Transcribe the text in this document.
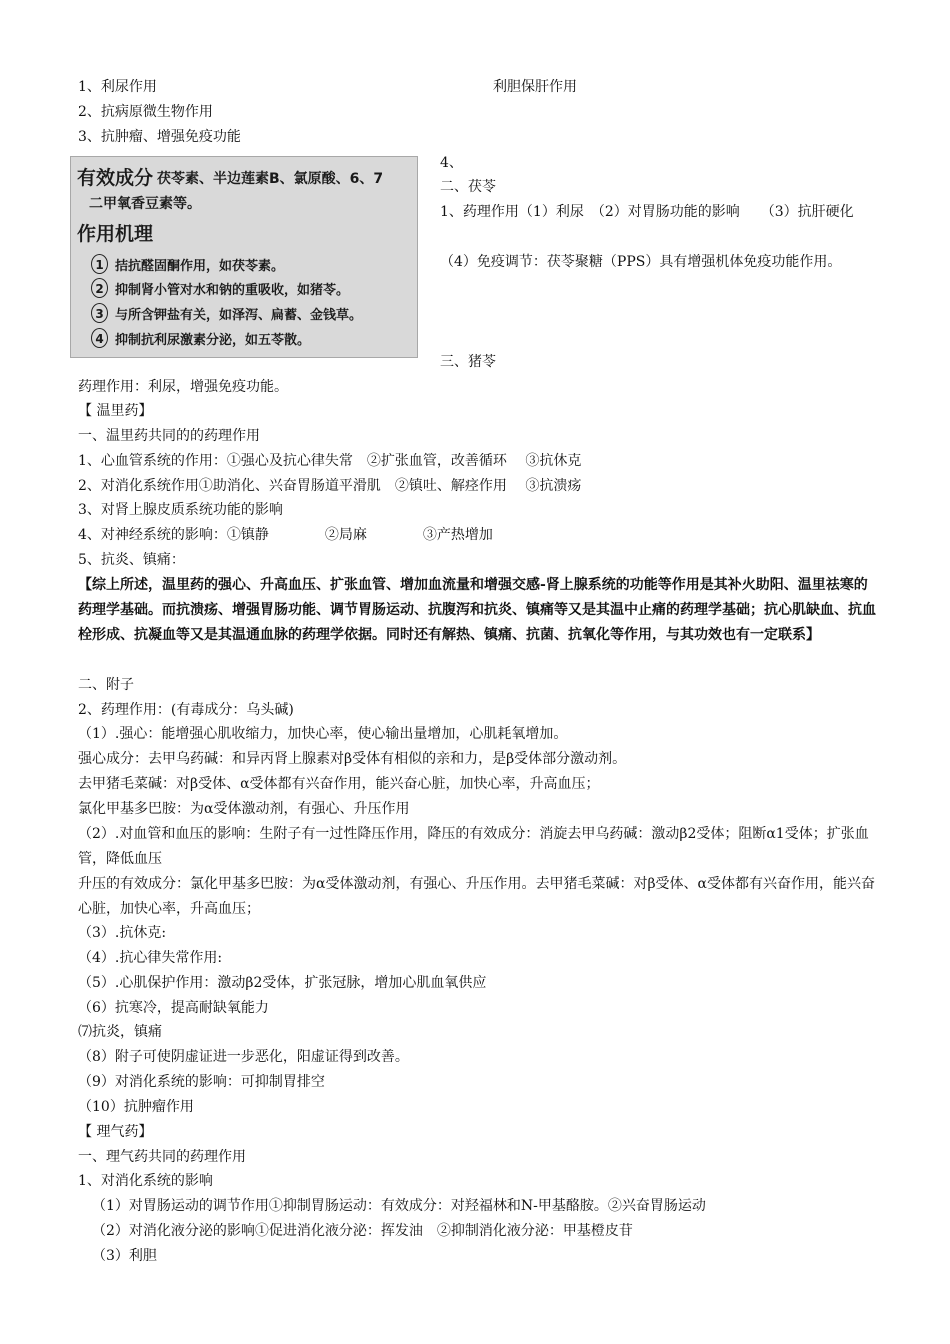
1、利尿作用
2、抗病原微生物作用
3、抗肿瘤、增强免疫功能
利胆保肝作用
有效成分 茯苓素、半边莲素B、氯原酸、6、7
二甲氧香豆素等。
作用机理
1 拮抗醛固酮作用，如茯苓素。
2 抑制肾小管对水和钠的重吸收，如猪苓。
3 与所含钾盐有关，如泽泻、扁蓄、金钱草。
4 抑制抗利尿激素分泌，如五苓散。
4、
二、茯苓
1、药理作用（1）利尿　（2）对胃肠功能的影响　　（3）抗肝硬化
（4）免疫调节：茯苓聚糖（PPS）具有增强机体免疫功能作用。
三、猪苓
药理作用：利尿，增强免疫功能。
【 温里药】
一、温里药共同的的药理作用
1、心血管系统的作用：①强心及抗心律失常　②扩张血管，改善循环　 ③抗休克
2、对消化系统作用①助消化、兴奋胃肠道平滑肌　②镇吐、解痉作用　 ③抗溃疡
3、对肾上腺皮质系统功能的影响
4、对神经系统的影响：①镇静　　　　②局麻　　　　③产热增加
5、抗炎、镇痛：
【综上所述，温里药的强心、升高血压、扩张血管、增加血流量和增强交感-肾上腺系统的功能等作用是其补火助阳、温里祛寒的药理学基础。而抗溃疡、增强胃肠功能、调节胃肠运动、抗腹泻和抗炎、镇痛等又是其温中止痛的药理学基础；抗心肌缺血、抗血栓形成、抗凝血等又是其温通血脉的药理学依据。同时还有解热、镇痛、抗菌、抗氧化等作用，与其功效也有一定联系】
二、附子
2、药理作用：(有毒成分：乌头碱)
（1）.强心：能增强心肌收缩力，加快心率，使心输出量增加，心肌耗氧增加。
强心成分：去甲乌药碱：和异丙肾上腺素对β受体有相似的亲和力，是β受体部分激动剂。
去甲猪毛菜碱：对β受体、α受体都有兴奋作用，能兴奋心脏，加快心率，升高血压；
氯化甲基多巴胺：为α受体激动剂，有强心、升压作用
（2）.对血管和血压的影响：生附子有一过性降压作用，降压的有效成分：消旋去甲乌药碱：激动β2受体；阻断α1受体；扩张血管，降低血压
升压的有效成分：氯化甲基多巴胺：为α受体激动剂，有强心、升压作用。去甲猪毛菜碱：对β受体、α受体都有兴奋作用，能兴奋心脏，加快心率，升高血压；
（3）.抗休克:
（4）.抗心律失常作用:
（5）.心肌保护作用：激动β2受体，扩张冠脉，增加心肌血氧供应
（6）抗寒冷，提高耐缺氧能力
⑺抗炎，镇痛
（8）附子可使阴虚证进一步恶化，阳虚证得到改善。
（9）对消化系统的影响：可抑制胃排空
（10）抗肿瘤作用
【 理气药】
一、理气药共同的药理作用
1、对消化系统的影响
（1）对胃肠运动的调节作用①抑制胃肠运动：有效成分：对羟福林和N-甲基酪胺。②兴奋胃肠运动
（2）对消化液分泌的影响①促进消化液分泌：挥发油　②抑制消化液分泌：甲基橙皮苷
（3）利胆
